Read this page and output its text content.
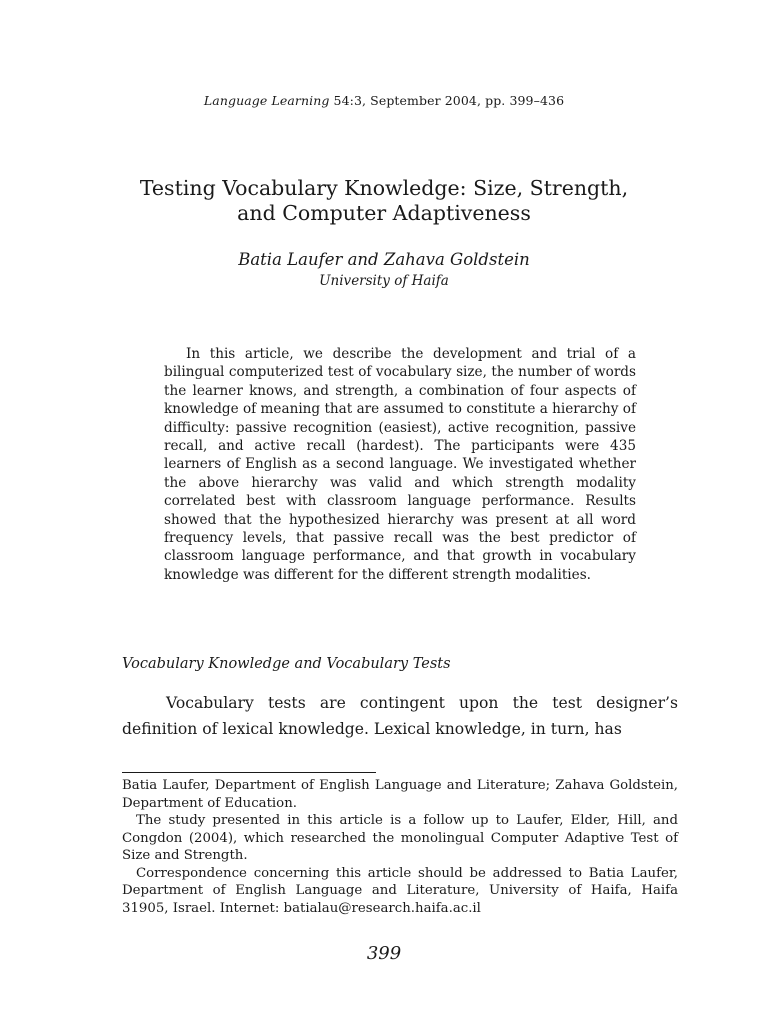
Language Learning 54:3, September 2004, pp. 399–436
Testing Vocabulary Knowledge: Size, Strength,
and Computer Adaptiveness
Batia Laufer and Zahava Goldstein
University of Haifa

In this article, we describe the development and trial of a bilingual computerized test of vocabulary size, the number of words the learner knows, and strength, a combination of four aspects of knowledge of meaning that are assumed to constitute a hierarchy of difficulty: passive recognition (easiest), active recognition, passive recall, and active recall (hardest). The participants were 435 learners of English as a second language. We investigated whether the above hierarchy was valid and which strength modality correlated best with classroom language performance. Results showed that the hypothesized hierarchy was present at all word frequency levels, that passive recall was the best predictor of classroom language performance, and that growth in vocabulary knowledge was different for the different strength modalities.

Vocabulary Knowledge and Vocabulary Tests

Vocabulary tests are contingent upon the test designer’s definition of lexical knowledge. Lexical knowledge, in turn, has

Batia Laufer, Department of English Language and Literature; Zahava Goldstein, Department of Education.

The study presented in this article is a follow up to Laufer, Elder, Hill, and Congdon (2004), which researched the monolingual Computer Adaptive Test of Size and Strength.

Correspondence concerning this article should be addressed to Batia Laufer, Department of English Language and Literature, University of Haifa, Haifa 31905, Israel. Internet: batialau@research.haifa.ac.il

399
